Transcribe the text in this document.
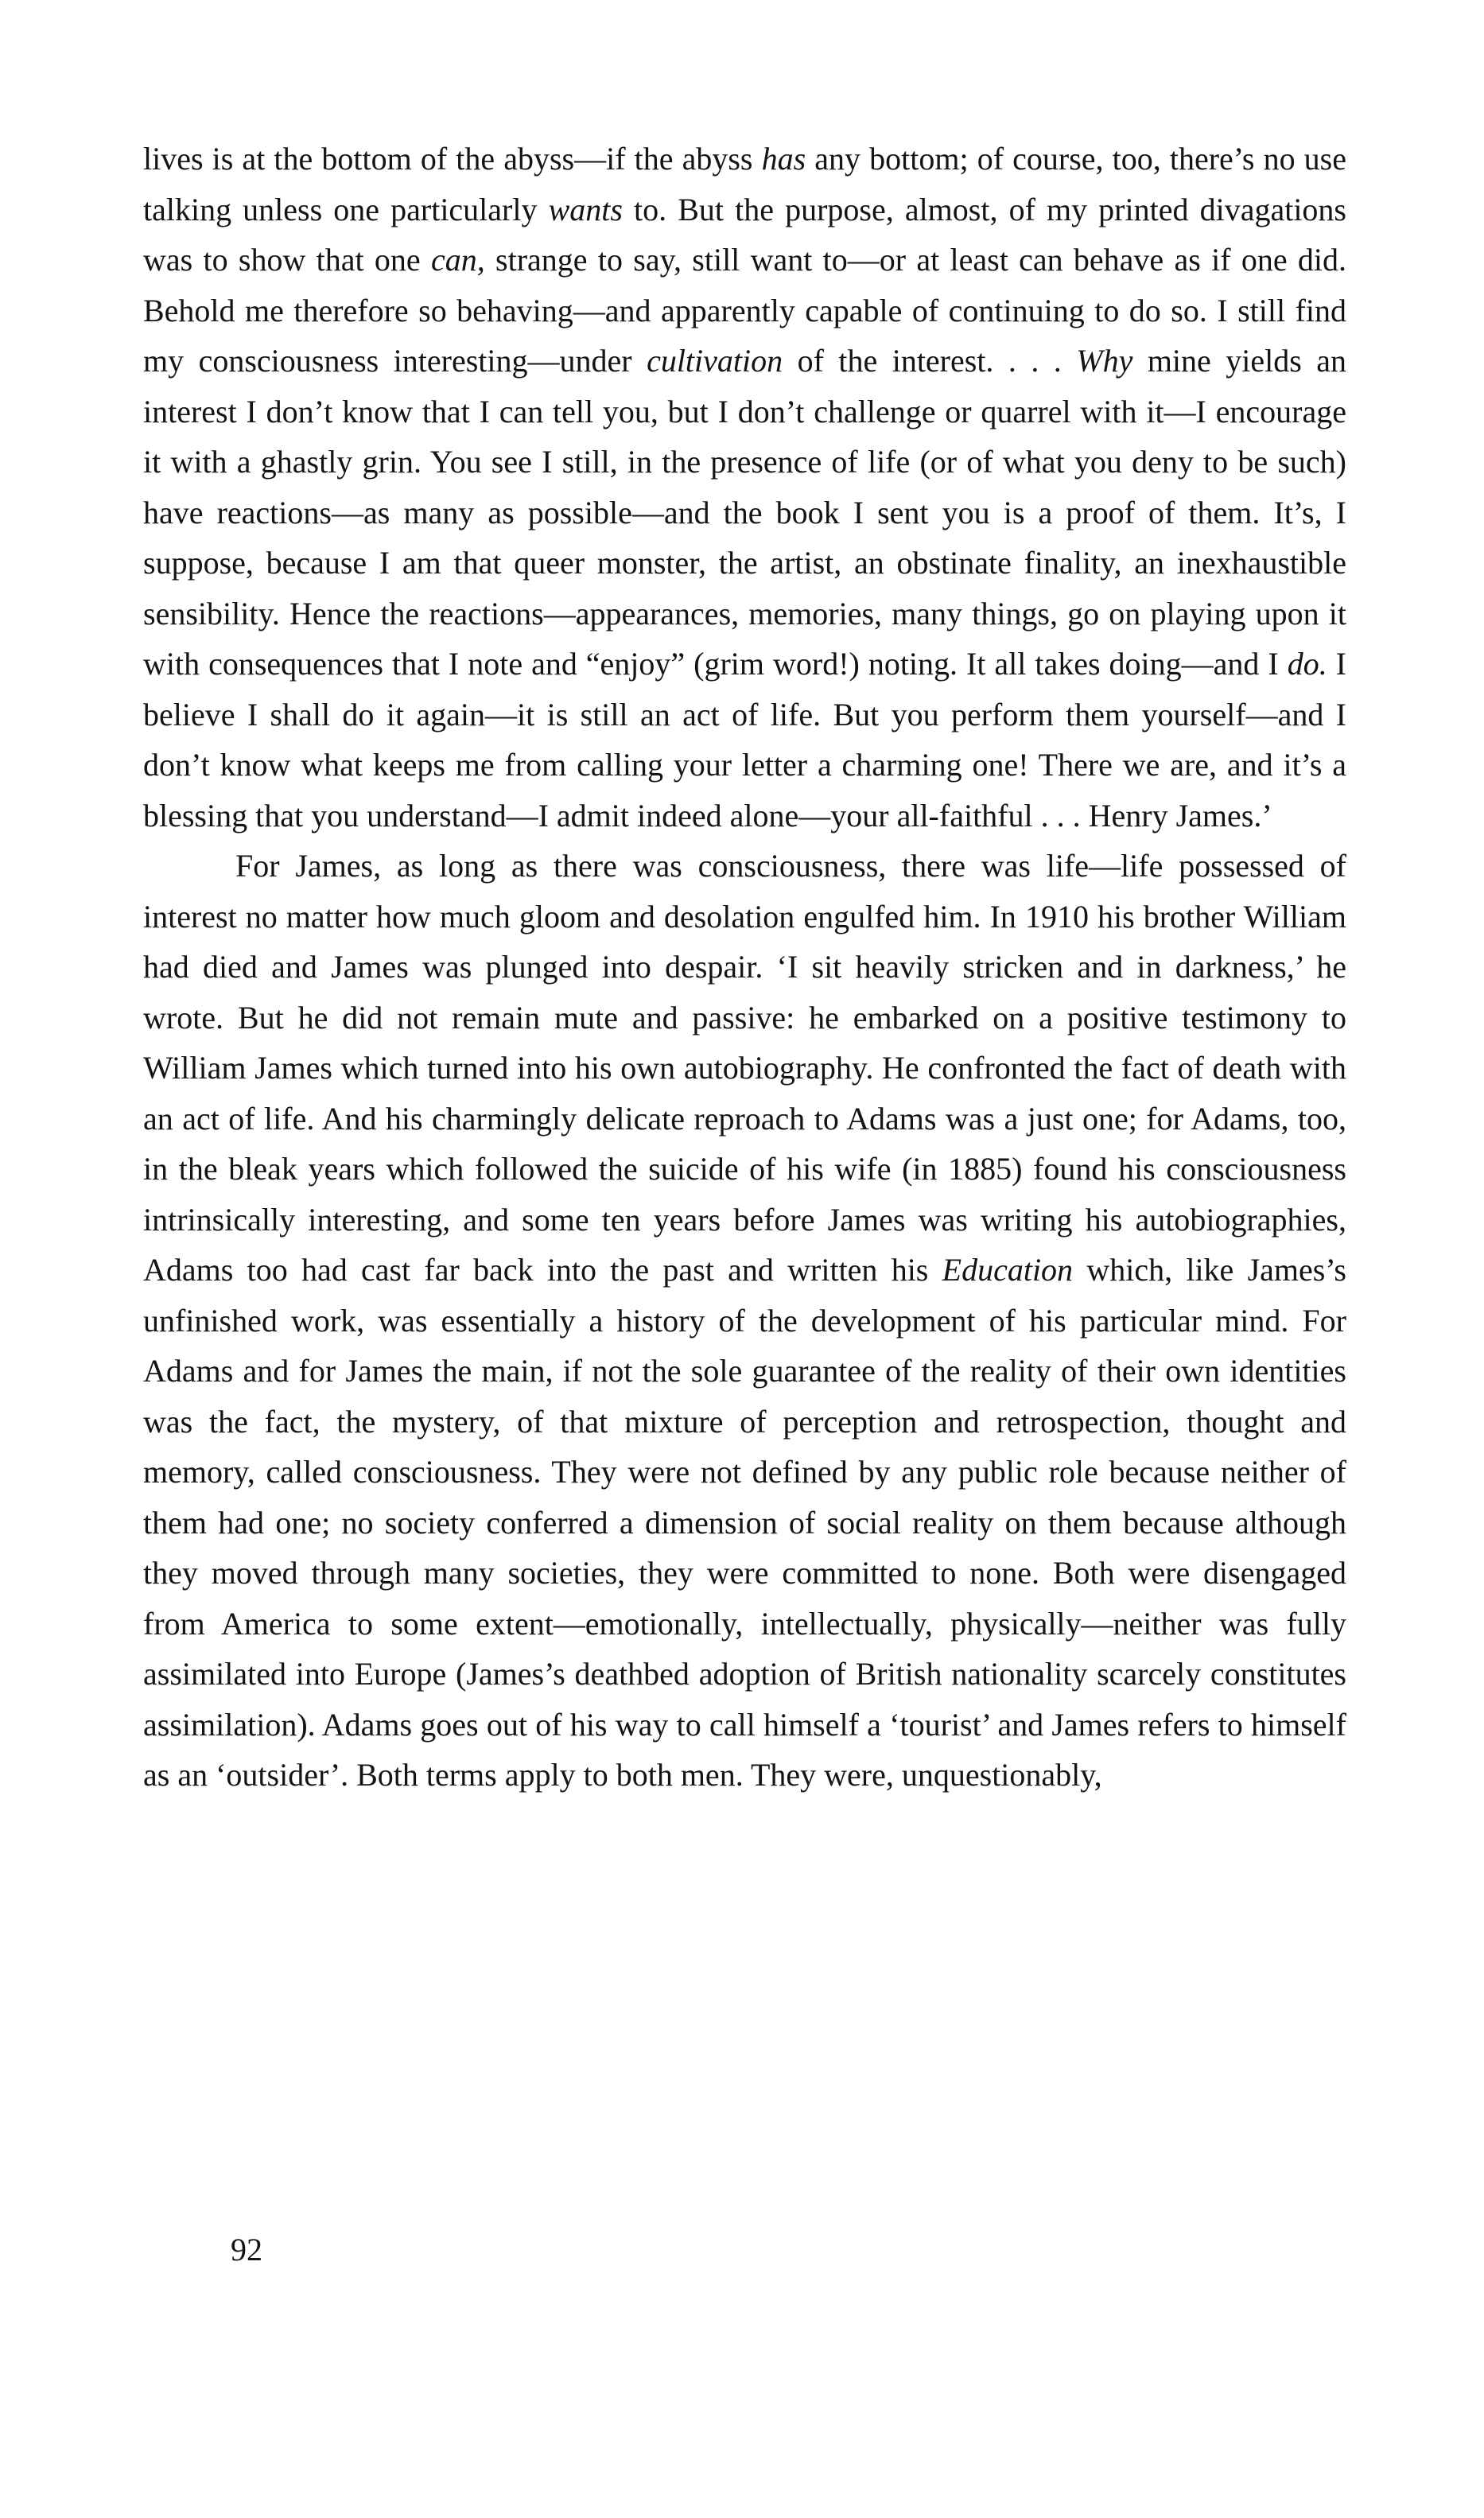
lives is at the bottom of the abyss—if the abyss has any bottom; of course, too, there’s no use talking unless one particularly wants to. But the purpose, almost, of my printed divagations was to show that one can, strange to say, still want to—or at least can behave as if one did. Behold me therefore so behaving—and apparently capable of continuing to do so. I still find my consciousness interesting—under cultivation of the interest. . . . Why mine yields an interest I don’t know that I can tell you, but I don’t challenge or quarrel with it—I encourage it with a ghastly grin. You see I still, in the presence of life (or of what you deny to be such) have reactions—as many as possible—and the book I sent you is a proof of them. It’s, I suppose, because I am that queer monster, the artist, an obstinate finality, an inexhaustible sensibility. Hence the reactions—appearances, memories, many things, go on playing upon it with consequences that I note and “enjoy” (grim word!) noting. It all takes doing—and I do. I believe I shall do it again—it is still an act of life. But you perform them yourself—and I don’t know what keeps me from calling your letter a charming one! There we are, and it’s a blessing that you understand—I admit indeed alone—your all-faithful . . . Henry James.’

For James, as long as there was consciousness, there was life—life possessed of interest no matter how much gloom and desolation engulfed him. In 1910 his brother William had died and James was plunged into despair. ‘I sit heavily stricken and in darkness,’ he wrote. But he did not remain mute and passive: he embarked on a positive testimony to William James which turned into his own autobiography. He confronted the fact of death with an act of life. And his charmingly delicate reproach to Adams was a just one; for Adams, too, in the bleak years which followed the suicide of his wife (in 1885) found his consciousness intrinsically interesting, and some ten years before James was writing his autobiographies, Adams too had cast far back into the past and written his Education which, like James’s unfinished work, was essentially a history of the development of his particular mind. For Adams and for James the main, if not the sole guarantee of the reality of their own identities was the fact, the mystery, of that mixture of perception and retrospection, thought and memory, called consciousness. They were not defined by any public role because neither of them had one; no society conferred a dimension of social reality on them because although they moved through many societies, they were committed to none. Both were disengaged from America to some extent—emotionally, intellectually, physically—neither was fully assimilated into Europe (James’s deathbed adoption of British nationality scarcely constitutes assimilation). Adams goes out of his way to call himself a ‘tourist’ and James refers to himself as an ‘outsider’. Both terms apply to both men. They were, unquestionably,

92
